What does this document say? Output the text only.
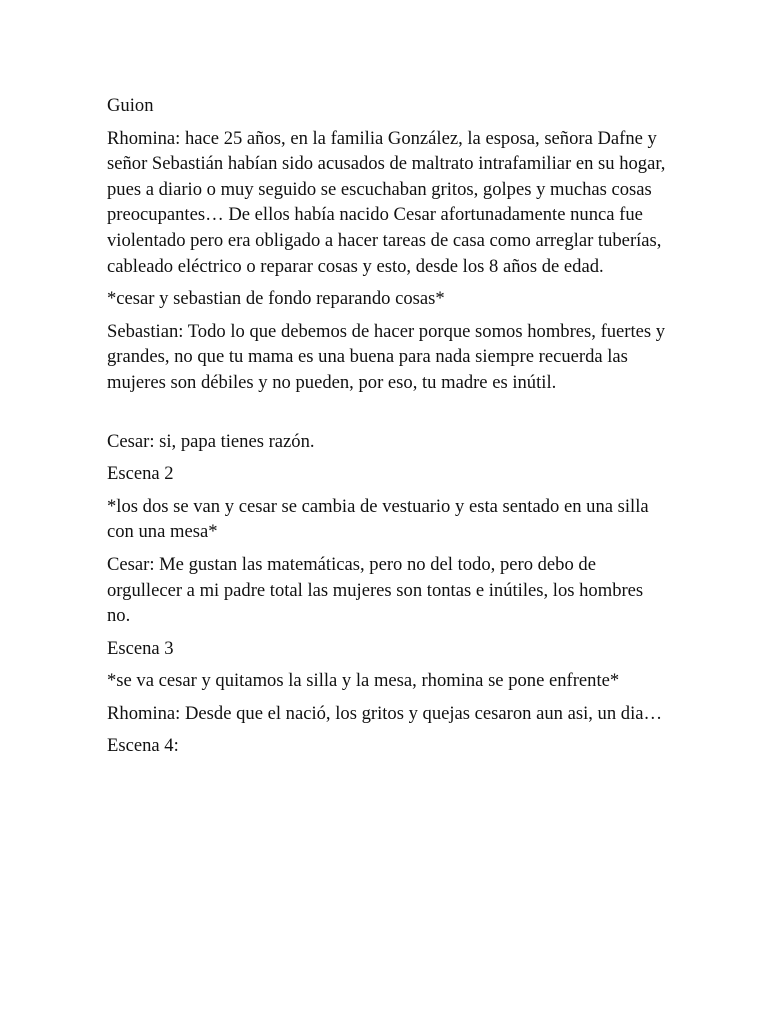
Guion

Rhomina: hace 25 años, en la familia González, la esposa, señora Dafne y señor Sebastián habían sido acusados de maltrato intrafamiliar en su hogar, pues a diario o muy seguido se escuchaban gritos, golpes y muchas cosas preocupantes… De ellos había nacido Cesar afortunadamente nunca fue violentado pero era obligado a hacer tareas de casa como arreglar tuberías, cableado eléctrico o reparar cosas y esto, desde los 8 años de edad.

*cesar y sebastian de fondo reparando cosas*

Sebastian: Todo lo que debemos de hacer porque somos hombres, fuertes y grandes, no que tu mama es una buena para nada siempre recuerda las mujeres son débiles y no pueden, por eso, tu madre es inútil.

Cesar: si, papa tienes razón.

Escena 2

*los dos se van y cesar se cambia de vestuario y esta sentado en una silla con una mesa*

Cesar: Me gustan las matemáticas, pero no del todo, pero debo de orgullecer a mi padre total las mujeres son tontas e inútiles, los hombres no.

Escena 3

*se va cesar y quitamos la silla y la mesa, rhomina se pone enfrente*

Rhomina: Desde que el nació, los gritos y quejas cesaron aun asi, un dia…

Escena 4:
